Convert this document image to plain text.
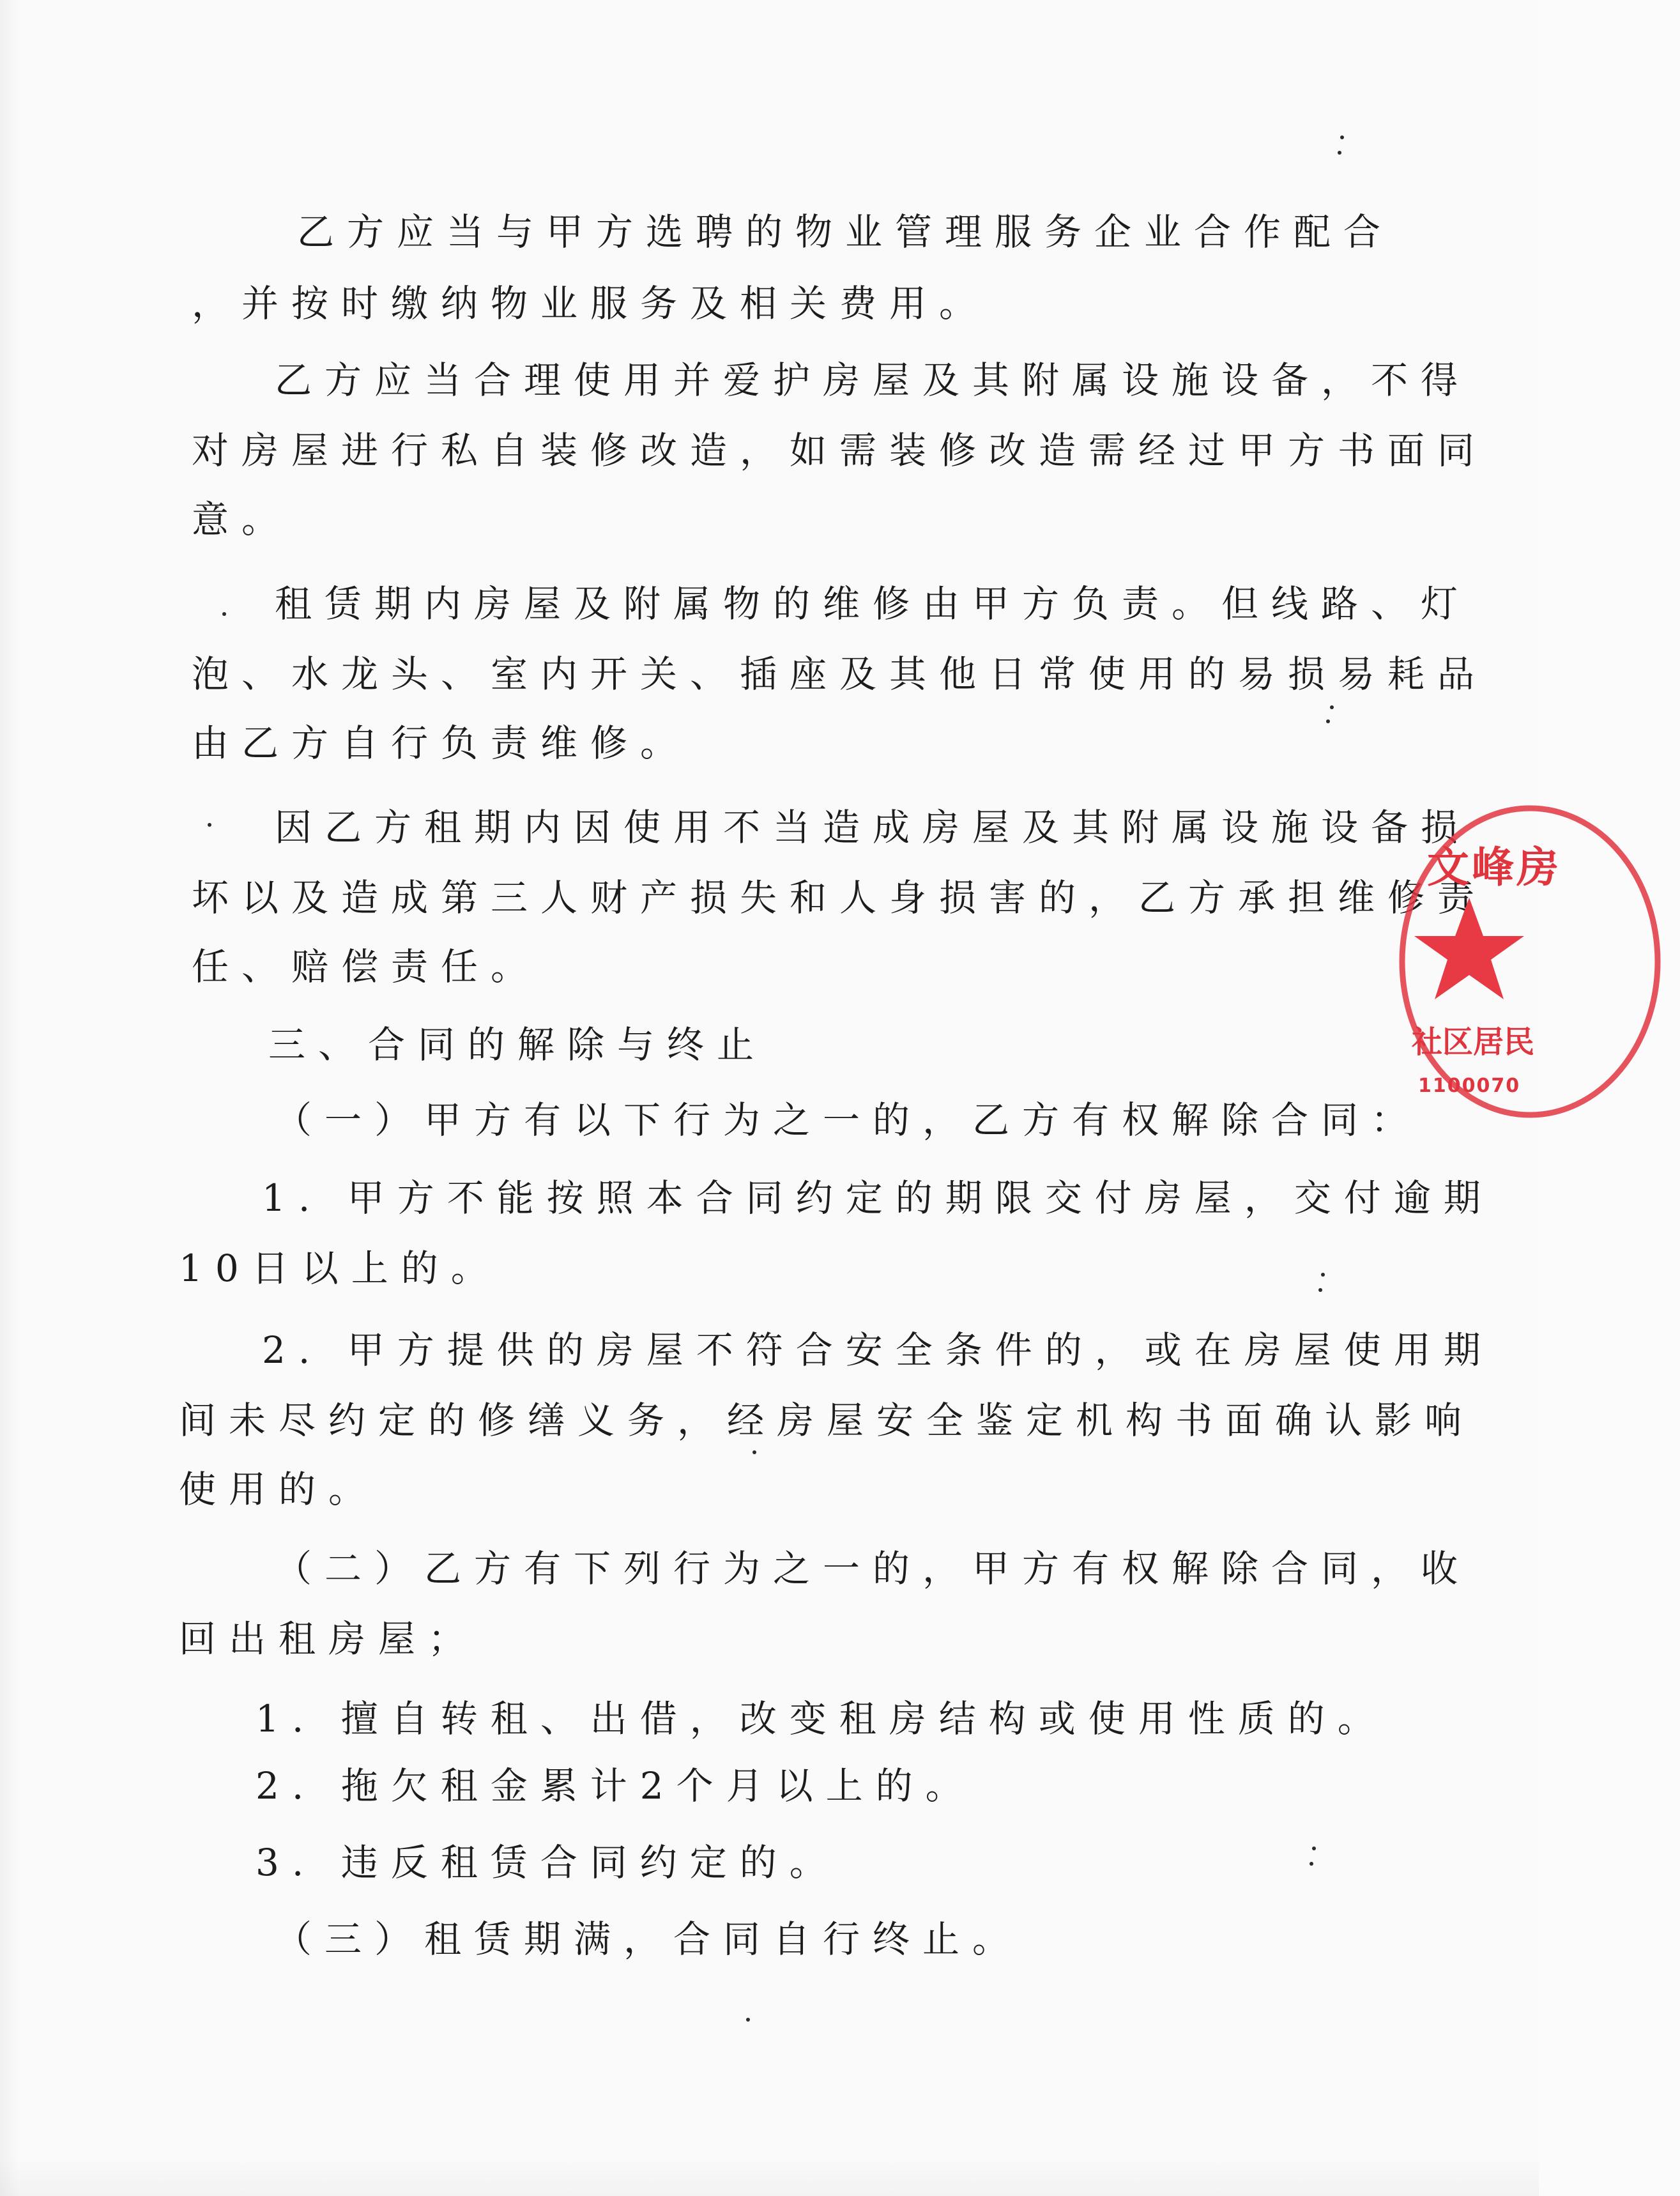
乙方应当与甲方选聘的物业管理服务企业合作配合
，并按时缴纳物业服务及相关费用。
乙方应当合理使用并爱护房屋及其附属设施设备，不得
对房屋进行私自装修改造，如需装修改造需经过甲方书面同
意。
租赁期内房屋及附属物的维修由甲方负责。但线路、灯
泡、水龙头、室内开关、插座及其他日常使用的易损易耗品
由乙方自行负责维修。
因乙方租期内因使用不当造成房屋及其附属设施设备损
坏以及造成第三人财产损失和人身损害的，乙方承担维修责
任、赔偿责任。
三、合同的解除与终止
（一）甲方有以下行为之一的，乙方有权解除合同：
1. 甲方不能按照本合同约定的期限交付房屋，交付逾期
10日以上的。
2. 甲方提供的房屋不符合安全条件的，或在房屋使用期
间未尽约定的修缮义务，经房屋安全鉴定机构书面确认影响
使用的。
（二）乙方有下列行为之一的，甲方有权解除合同，收
回出租房屋；
1. 擅自转租、出借，改变租房结构或使用性质的。
2. 拖欠租金累计2个月以上的。
3. 违反租赁合同约定的。
（三）租赁期满，合同自行终止。
文峰房
社区居民
1100070
